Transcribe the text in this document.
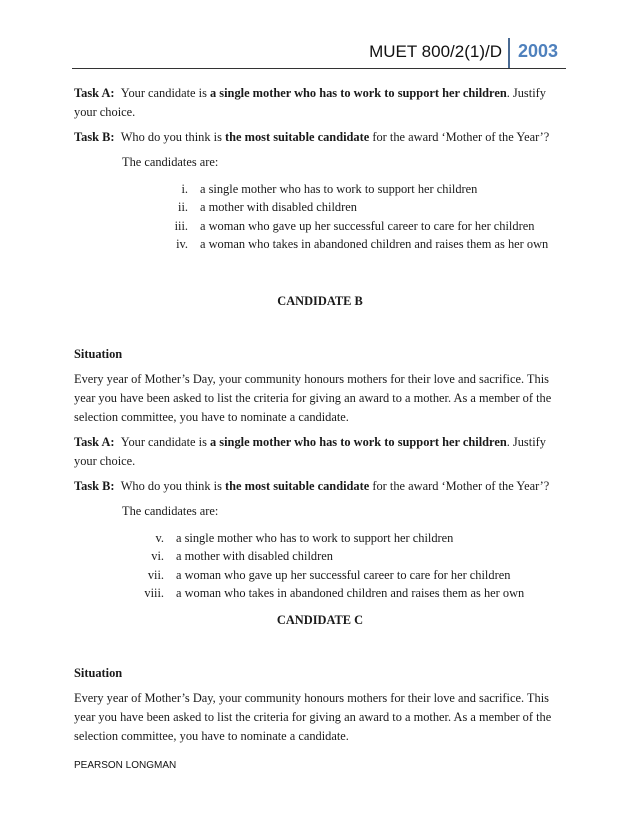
MUET 800/2(1)/D 2003

Task A: Your candidate is a single mother who has to work to support her children. Justify your choice.

Task B: Who do you think is the most suitable candidate for the award ‘Mother of the Year’?

The candidates are:

i. a single mother who has to work to support her children
ii. a mother with disabled children
iii. a woman who gave up her successful career to care for her children
iv. a woman who takes in abandoned children and raises them as her own
CANDIDATE B

Situation

Every year of Mother’s Day, your community honours mothers for their love and sacrifice. This year you have been asked to list the criteria for giving an award to a mother. As a member of the selection committee, you have to nominate a candidate.

Task A: Your candidate is a single mother who has to work to support her children. Justify your choice.

Task B: Who do you think is the most suitable candidate for the award ‘Mother of the Year’?

The candidates are:

v. a single mother who has to work to support her children
vi. a mother with disabled children
vii. a woman who gave up her successful career to care for her children
viii. a woman who takes in abandoned children and raises them as her own
CANDIDATE C

Situation

Every year of Mother’s Day, your community honours mothers for their love and sacrifice. This year you have been asked to list the criteria for giving an award to a mother. As a member of the selection committee, you have to nominate a candidate.

PEARSON LONGMAN
